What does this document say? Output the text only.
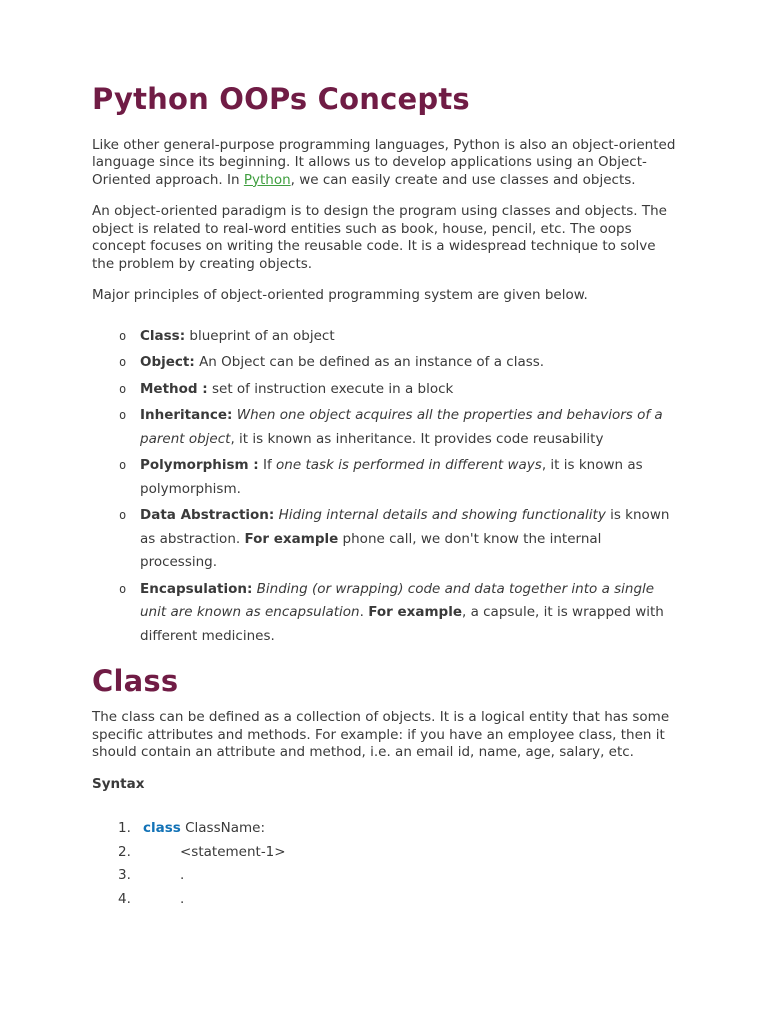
Python OOPs Concepts

Like other general-purpose programming languages, Python is also an object-oriented language since its beginning. It allows us to develop applications using an Object-Oriented approach. In Python, we can easily create and use classes and objects.

An object-oriented paradigm is to design the program using classes and objects. The object is related to real-word entities such as book, house, pencil, etc. The oops concept focuses on writing the reusable code. It is a widespread technique to solve the problem by creating objects.

Major principles of object-oriented programming system are given below.

o Class: blueprint of an object
o Object: An Object can be defined as an instance of a class.
o Method : set of instruction execute in a block
o Inheritance: When one object acquires all the properties and behaviors of a parent object, it is known as inheritance. It provides code reusability
o Polymorphism : If one task is performed in different ways, it is known as polymorphism.
o Data Abstraction: Hiding internal details and showing functionality is known as abstraction. For example phone call, we don't know the internal processing.
o Encapsulation: Binding (or wrapping) code and data together into a single unit are known as encapsulation. For example, a capsule, it is wrapped with different medicines.
Class

The class can be defined as a collection of objects. It is a logical entity that has some specific attributes and methods. For example: if you have an employee class, then it should contain an attribute and method, i.e. an email id, name, age, salary, etc.

Syntax

1. class ClassName:
2.	<statement-1>
3.	.
4.	.
